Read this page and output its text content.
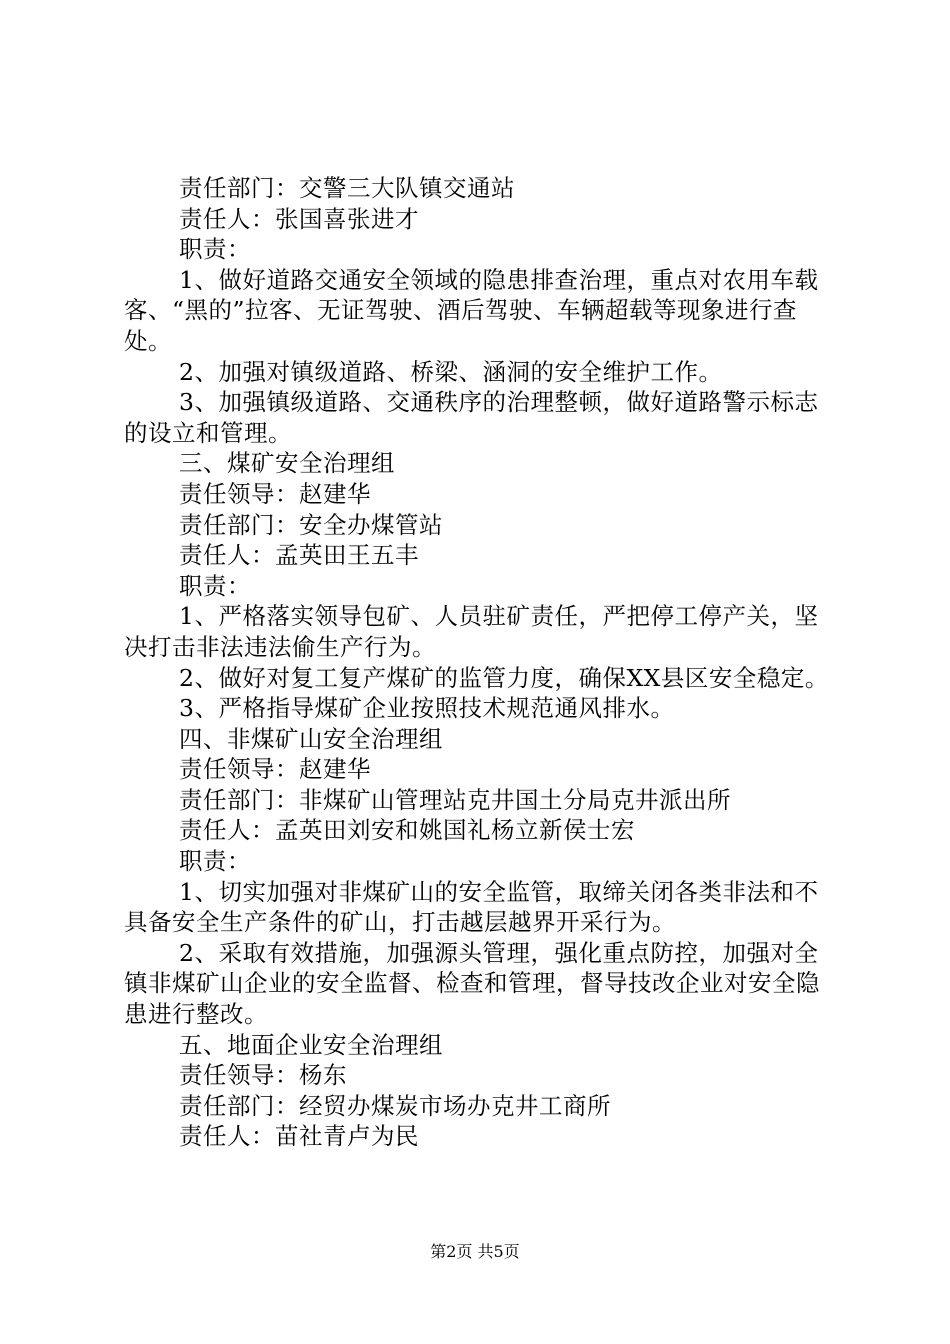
责任部门：交警三大队镇交通站

责任人：张国喜张进才

职责：

1、做好道路交通安全领域的隐患排查治理，重点对农用车载客、“黑的”拉客、无证驾驶、酒后驾驶、车辆超载等现象进行查处。

2、加强对镇级道路、桥梁、涵洞的安全维护工作。

3、加强镇级道路、交通秩序的治理整顿，做好道路警示标志的设立和管理。

三、煤矿安全治理组

责任领导：赵建华

责任部门：安全办煤管站

责任人：孟英田王五丰

职责：

1、严格落实领导包矿、人员驻矿责任，严把停工停产关，坚决打击非法违法偷生产行为。

2、做好对复工复产煤矿的监管力度，确保XX县区安全稳定。

3、严格指导煤矿企业按照技术规范通风排水。

四、非煤矿山安全治理组

责任领导：赵建华

责任部门：非煤矿山管理站克井国土分局克井派出所

责任人：孟英田刘安和姚国礼杨立新侯士宏

职责：

1、切实加强对非煤矿山的安全监管，取缔关闭各类非法和不具备安全生产条件的矿山，打击越层越界开采行为。

2、采取有效措施，加强源头管理，强化重点防控，加强对全镇非煤矿山企业的安全监督、检查和管理，督导技改企业对安全隐患进行整改。

五、地面企业安全治理组

责任领导：杨东

责任部门：经贸办煤炭市场办克井工商所

责任人：苗社青卢为民

第2页 共5页
